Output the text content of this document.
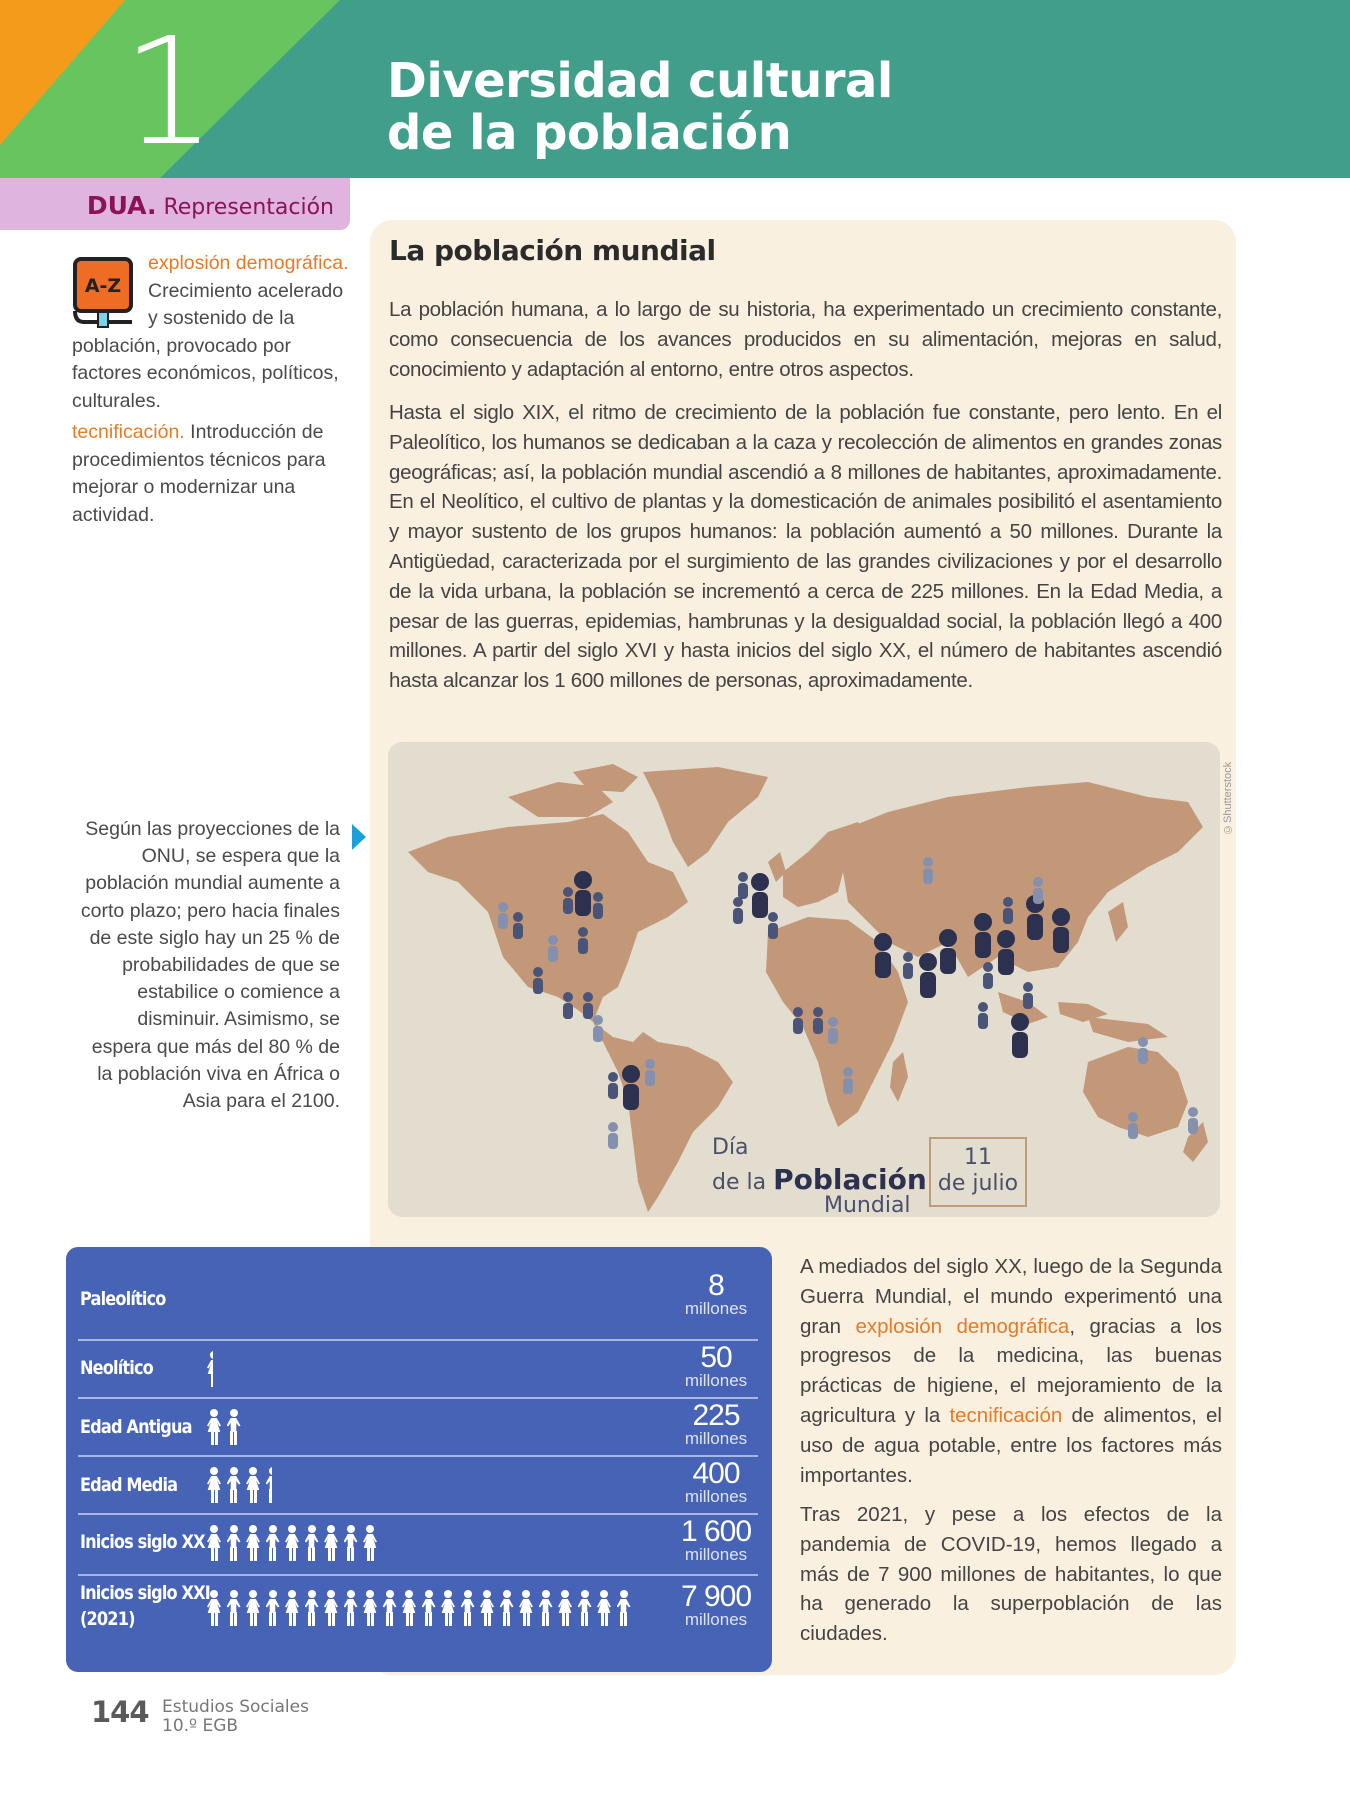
1	Diversidad cultural
de la población
DUA. Representación
A-Z

explosión demográfica. Crecimiento acelerado y sostenido de la población, provocado por factores económicos, políticos, culturales.

tecnificación. Introducción de procedimientos técnicos para mejorar o modernizar una actividad.

La población mundial

La población humana, a lo largo de su historia, ha experimentado un crecimiento constante, como consecuencia de los avances producidos en su alimentación, mejoras en salud, conocimiento y adaptación al entorno, entre otros aspectos.

Hasta el siglo XIX, el ritmo de crecimiento de la población fue constante, pero lento. En el Paleolítico, los humanos se dedicaban a la caza y recolección de alimentos en grandes zonas geográficas; así, la población mundial ascendió a 8 millones de habitantes, aproximadamente. En el Neolítico, el cultivo de plantas y la domesticación de animales posibilitó el asentamiento y mayor sustento de los grupos humanos: la población aumentó a 50 millones. Durante la Antigüedad, caracterizada por el surgimiento de las grandes civilizaciones y por el desarrollo de la vida urbana, la población se incrementó a cerca de 225 millones. En la Edad Media, a pesar de las guerras, epidemias, hambrunas y la desigualdad social, la población llegó a 400 millones. A partir del siglo XVI y hasta inicios del siglo XX, el número de habitantes ascendió hasta alcanzar los 1 600 millones de personas, aproximadamente.

©Shutterstock
Día
de la Población
Mundial
11
de julio

Según las proyecciones de la ONU, se espera que la población mundial aumente a corto plazo; pero hacia finales de este siglo hay un 25 % de probabilidades de que se estabilice o comience a disminuir. Asimismo, se espera que más del 80 % de la población viva en África o Asia para el 2100.

Paleolítico	8
millones
Neolítico	50
millones
Edad Antigua	225
millones
Edad Media	400
millones
Inicios siglo XX	1 600
millones
Inicios siglo XXI
(2021)
7 900
millones

A mediados del siglo XX, luego de la Segunda Guerra Mundial, el mundo experimentó una gran explosión demográfica, gracias a los progresos de la medicina, las buenas prácticas de higiene, el mejoramiento de la agricultura y la tecnificación de alimentos, el uso de agua potable, entre los factores más importantes.

Tras 2021, y pese a los efectos de la pandemia de COVID-19, hemos llegado a más de 7 900 millones de habitantes, lo que ha generado la superpoblación de las ciudades.

144 Estudios Sociales
10.º EGB
